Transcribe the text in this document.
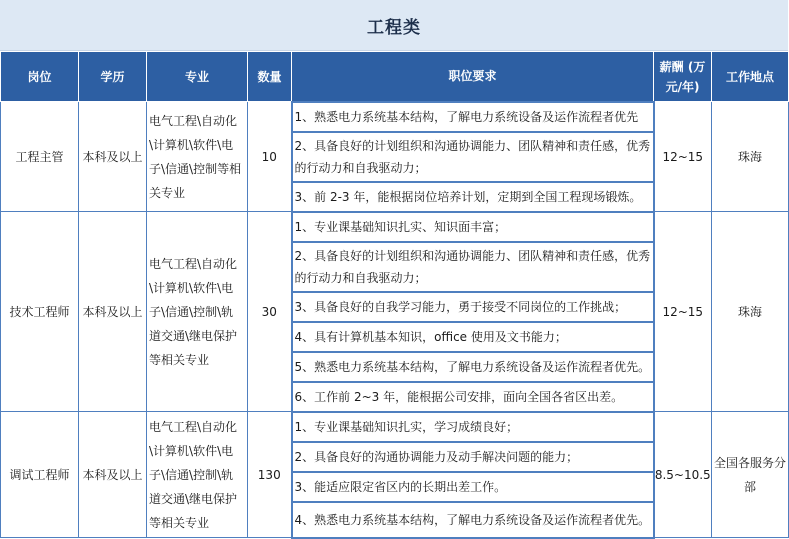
工程类
岗位	学历	专业	数量	职位要求	薪酬 (万元/年)	工作地点
工程主管	本科及以上	电气工程\自动化\计算机\软件\电子\信通\控制等相关专业	10	1、熟悉电力系统基本结构，了解电力系统设备及运作流程者优先	12~15	珠海
				2、具备良好的计划组织和沟通协调能力、团队精神和责任感，优秀的行动力和自我驱动力；		
				3、前 2-3 年，能根据岗位培养计划，定期到全国工程现场锻炼。		
技术工程师	本科及以上	电气工程\自动化\计算机\软件\电子\信通\控制\轨道交通\继电保护等相关专业	30	1、专业课基础知识扎实、知识面丰富；	12~15	珠海
				2、具备良好的计划组织和沟通协调能力、团队精神和责任感，优秀的行动力和自我驱动力；		
				3、具备良好的自我学习能力，勇于接受不同岗位的工作挑战；		
				4、具有计算机基本知识，office 使用及文书能力；		
				5、熟悉电力系统基本结构，了解电力系统设备及运作流程者优先。		
				6、工作前 2~3 年，能根据公司安排，面向全国各省区出差。		
调试工程师	本科及以上	电气工程\自动化\计算机\软件\电子\信通\控制\轨道交通\继电保护等相关专业	130	1、专业课基础知识扎实，学习成绩良好；	8.5~10.5	全国各服务分部
				2、具备良好的沟通协调能力及动手解决问题的能力；		
				3、能适应限定省区内的长期出差工作。		
				4、熟悉电力系统基本结构，了解电力系统设备及运作流程者优先。		
